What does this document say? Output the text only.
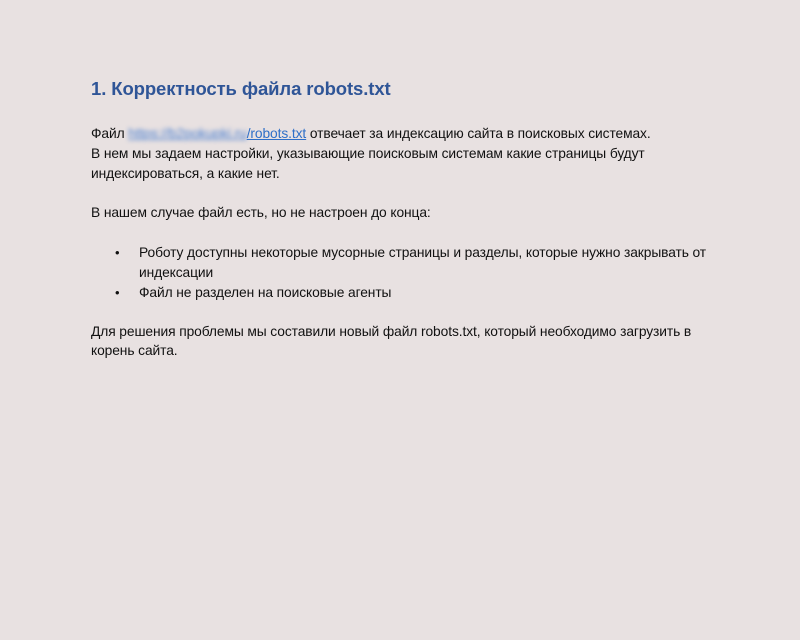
1. Корректность файла robots.txt

Файл https://b2pokupki.ru/robots.txt отвечает за индексацию сайта в поисковых системах.
В нем мы задаем настройки, указывающие поисковым системам какие страницы будут индексироваться, а какие нет.

В нашем случае файл есть, но не настроен до конца:

• Роботу доступны некоторые мусорные страницы и разделы, которые нужно закрывать от индексации
• Файл не разделен на поисковые агенты

Для решения проблемы мы составили новый файл robots.txt, который необходимо загрузить в корень сайта.
